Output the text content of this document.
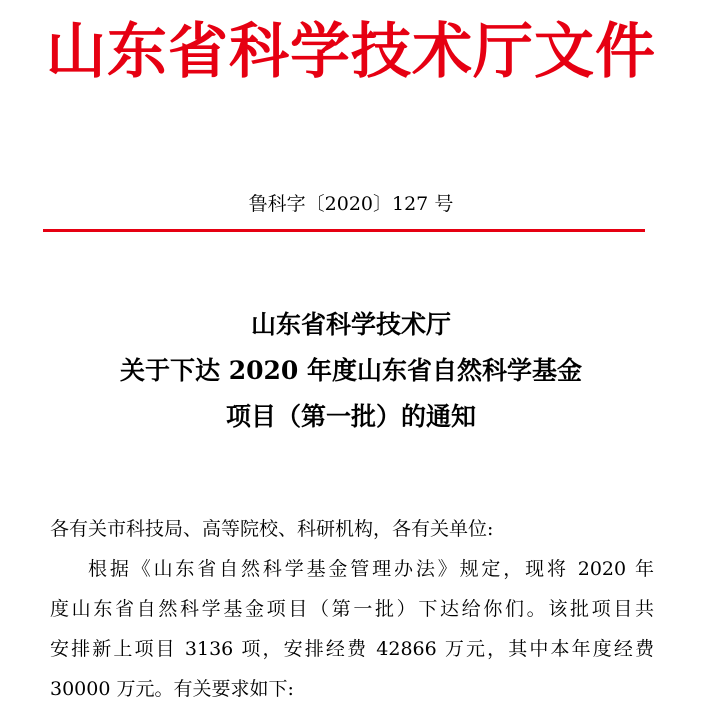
山东省科学技术厅文件
鲁科字〔2020〕127 号
山东省科学技术厅
关于下达 2020 年度山东省自然科学基金
项目（第一批）的通知
各有关市科技局、高等院校、科研机构，各有关单位:
根据《山东省自然科学基金管理办法》规定，现将 2020 年
度山东省自然科学基金项目（第一批）下达给你们。该批项目共
安排新上项目 3136 项，安排经费 42866 万元，其中本年度经费
30000 万元。有关要求如下:
